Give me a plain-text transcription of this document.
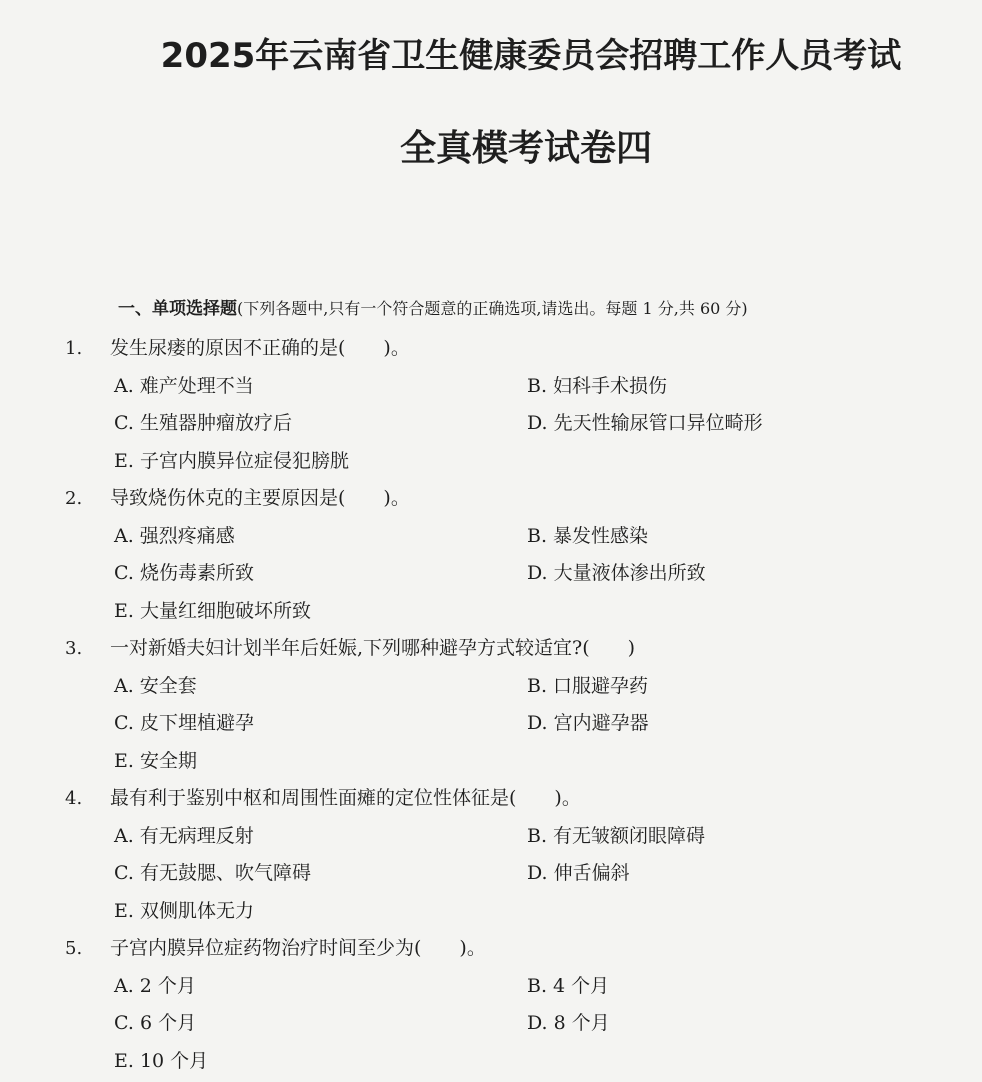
2025年云南省卫生健康委员会招聘工作人员考试
全真模考试卷四
一、单项选择题(下列各题中,只有一个符合题意的正确选项,请选出。每题 1 分,共 60 分)
1. 发生尿瘘的原因不正确的是(　　)。
A. 难产处理不当	B. 妇科手术损伤
C. 生殖器肿瘤放疗后	D. 先天性输尿管口异位畸形
E. 子宫内膜异位症侵犯膀胱
2. 导致烧伤休克的主要原因是(　　)。
A. 强烈疼痛感	B. 暴发性感染
C. 烧伤毒素所致	D. 大量液体渗出所致
E. 大量红细胞破坏所致
3. 一对新婚夫妇计划半年后妊娠,下列哪种避孕方式较适宜?(　　)
A. 安全套	B. 口服避孕药
C. 皮下埋植避孕	D. 宫内避孕器
E. 安全期
4. 最有利于鉴别中枢和周围性面瘫的定位性体征是(　　)。
A. 有无病理反射	B. 有无皱额闭眼障碍
C. 有无鼓腮、吹气障碍	D. 伸舌偏斜
E. 双侧肌体无力
5. 子宫内膜异位症药物治疗时间至少为(　　)。
A. 2 个月	B. 4 个月
C. 6 个月	D. 8 个月
E. 10 个月
